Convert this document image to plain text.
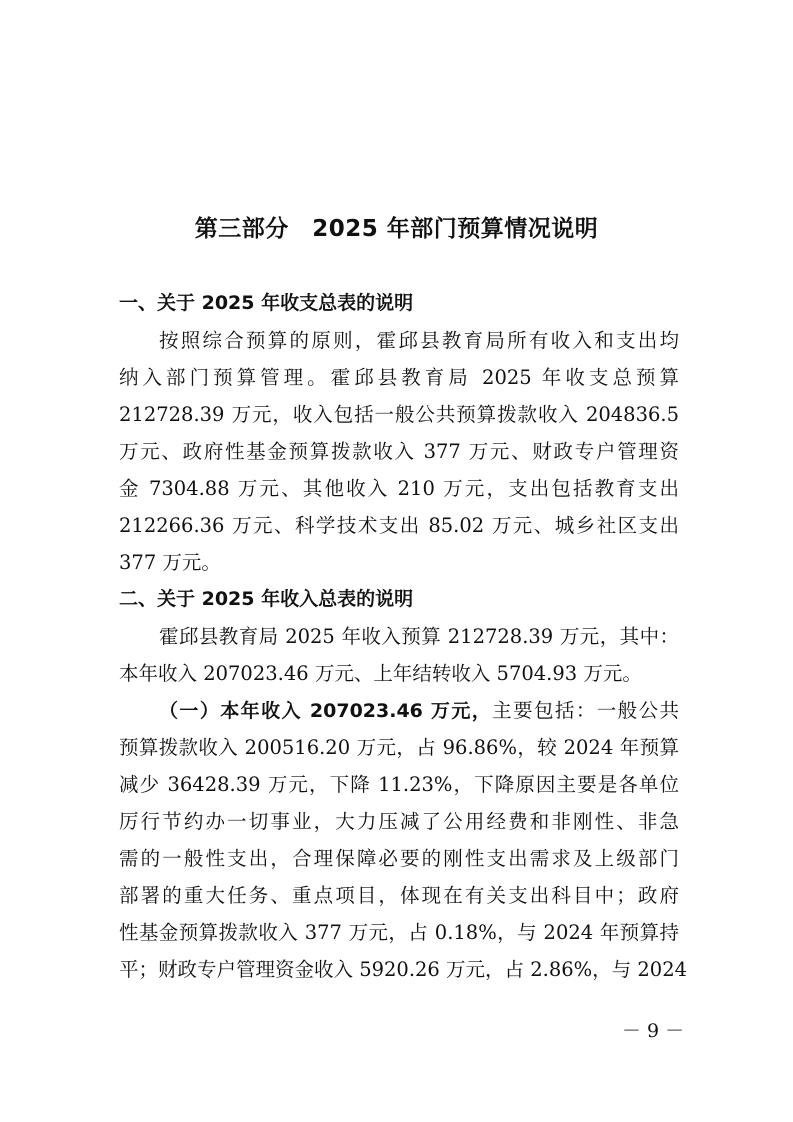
第三部分　2025 年部门预算情况说明
一、关于 2025 年收支总表的说明
按照综合预算的原则，霍邱县教育局所有收入和支出均
纳入部门预算管理。霍邱县教育局 2025 年收支总预算
212728.39 万元，收入包括一般公共预算拨款收入 204836.5
万元、政府性基金预算拨款收入 377 万元、财政专户管理资
金 7304.88 万元、其他收入 210 万元，支出包括教育支出
212266.36 万元、科学技术支出 85.02 万元、城乡社区支出
377 万元。
二、关于 2025 年收入总表的说明
霍邱县教育局 2025 年收入预算 212728.39 万元，其中：
本年收入 207023.46 万元、上年结转收入 5704.93 万元。
（一）本年收入 207023.46 万元，主要包括：一般公共
预算拨款收入 200516.20 万元，占 96.86%，较 2024 年预算
减少 36428.39 万元，下降 11.23%，下降原因主要是各单位
厉行节约办一切事业，大力压减了公用经费和非刚性、非急
需的一般性支出，合理保障必要的刚性支出需求及上级部门
部署的重大任务、重点项目，体现在有关支出科目中；政府
性基金预算拨款收入 377 万元，占 0.18%，与 2024 年预算持
平；财政专户管理资金收入 5920.26 万元，占 2.86%，与 2024
－ 9 －
